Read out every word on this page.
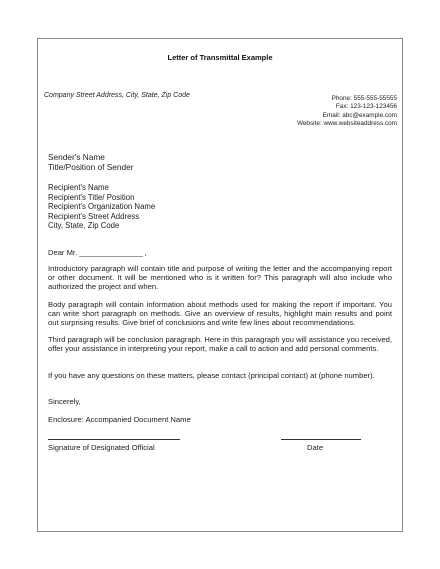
Letter of Transmittal Example
Company Street Address, City, State, Zip Code	Phone: 555-555-55555
Fax: 123-123-123456
Email: abc@example.com
Website: www.websiteaddress.com
Sender's Name
Title/Position of Sender
Recipient's Name
Recipient's Title/ Position
Recipient's Organization Name
Recipient's Street Address
City, State, Zip Code
Dear Mr. _______________ ,
Introductory paragraph will contain title and purpose of writing the letter and the accompanying report or other document. It will be mentioned who is it written for? This paragraph will also include who authorized the project and when.
Body paragraph will contain information about methods used for making the report if important. You can write short paragraph on methods. Give an overview of results, highlight main results and point out surprising results. Give brief of conclusions and write few lines about recommendations.
Third paragraph will be conclusion paragraph. Here in this paragraph you will assistance you received, offer your assistance in interpreting your report, make a call to action and add personal comments.
If you have any questions on these matters, please contact (principal contact) at (phone number).
Sincerely,
Enclosure: Accompanied Document Name
Signature of Designated Official	Date
